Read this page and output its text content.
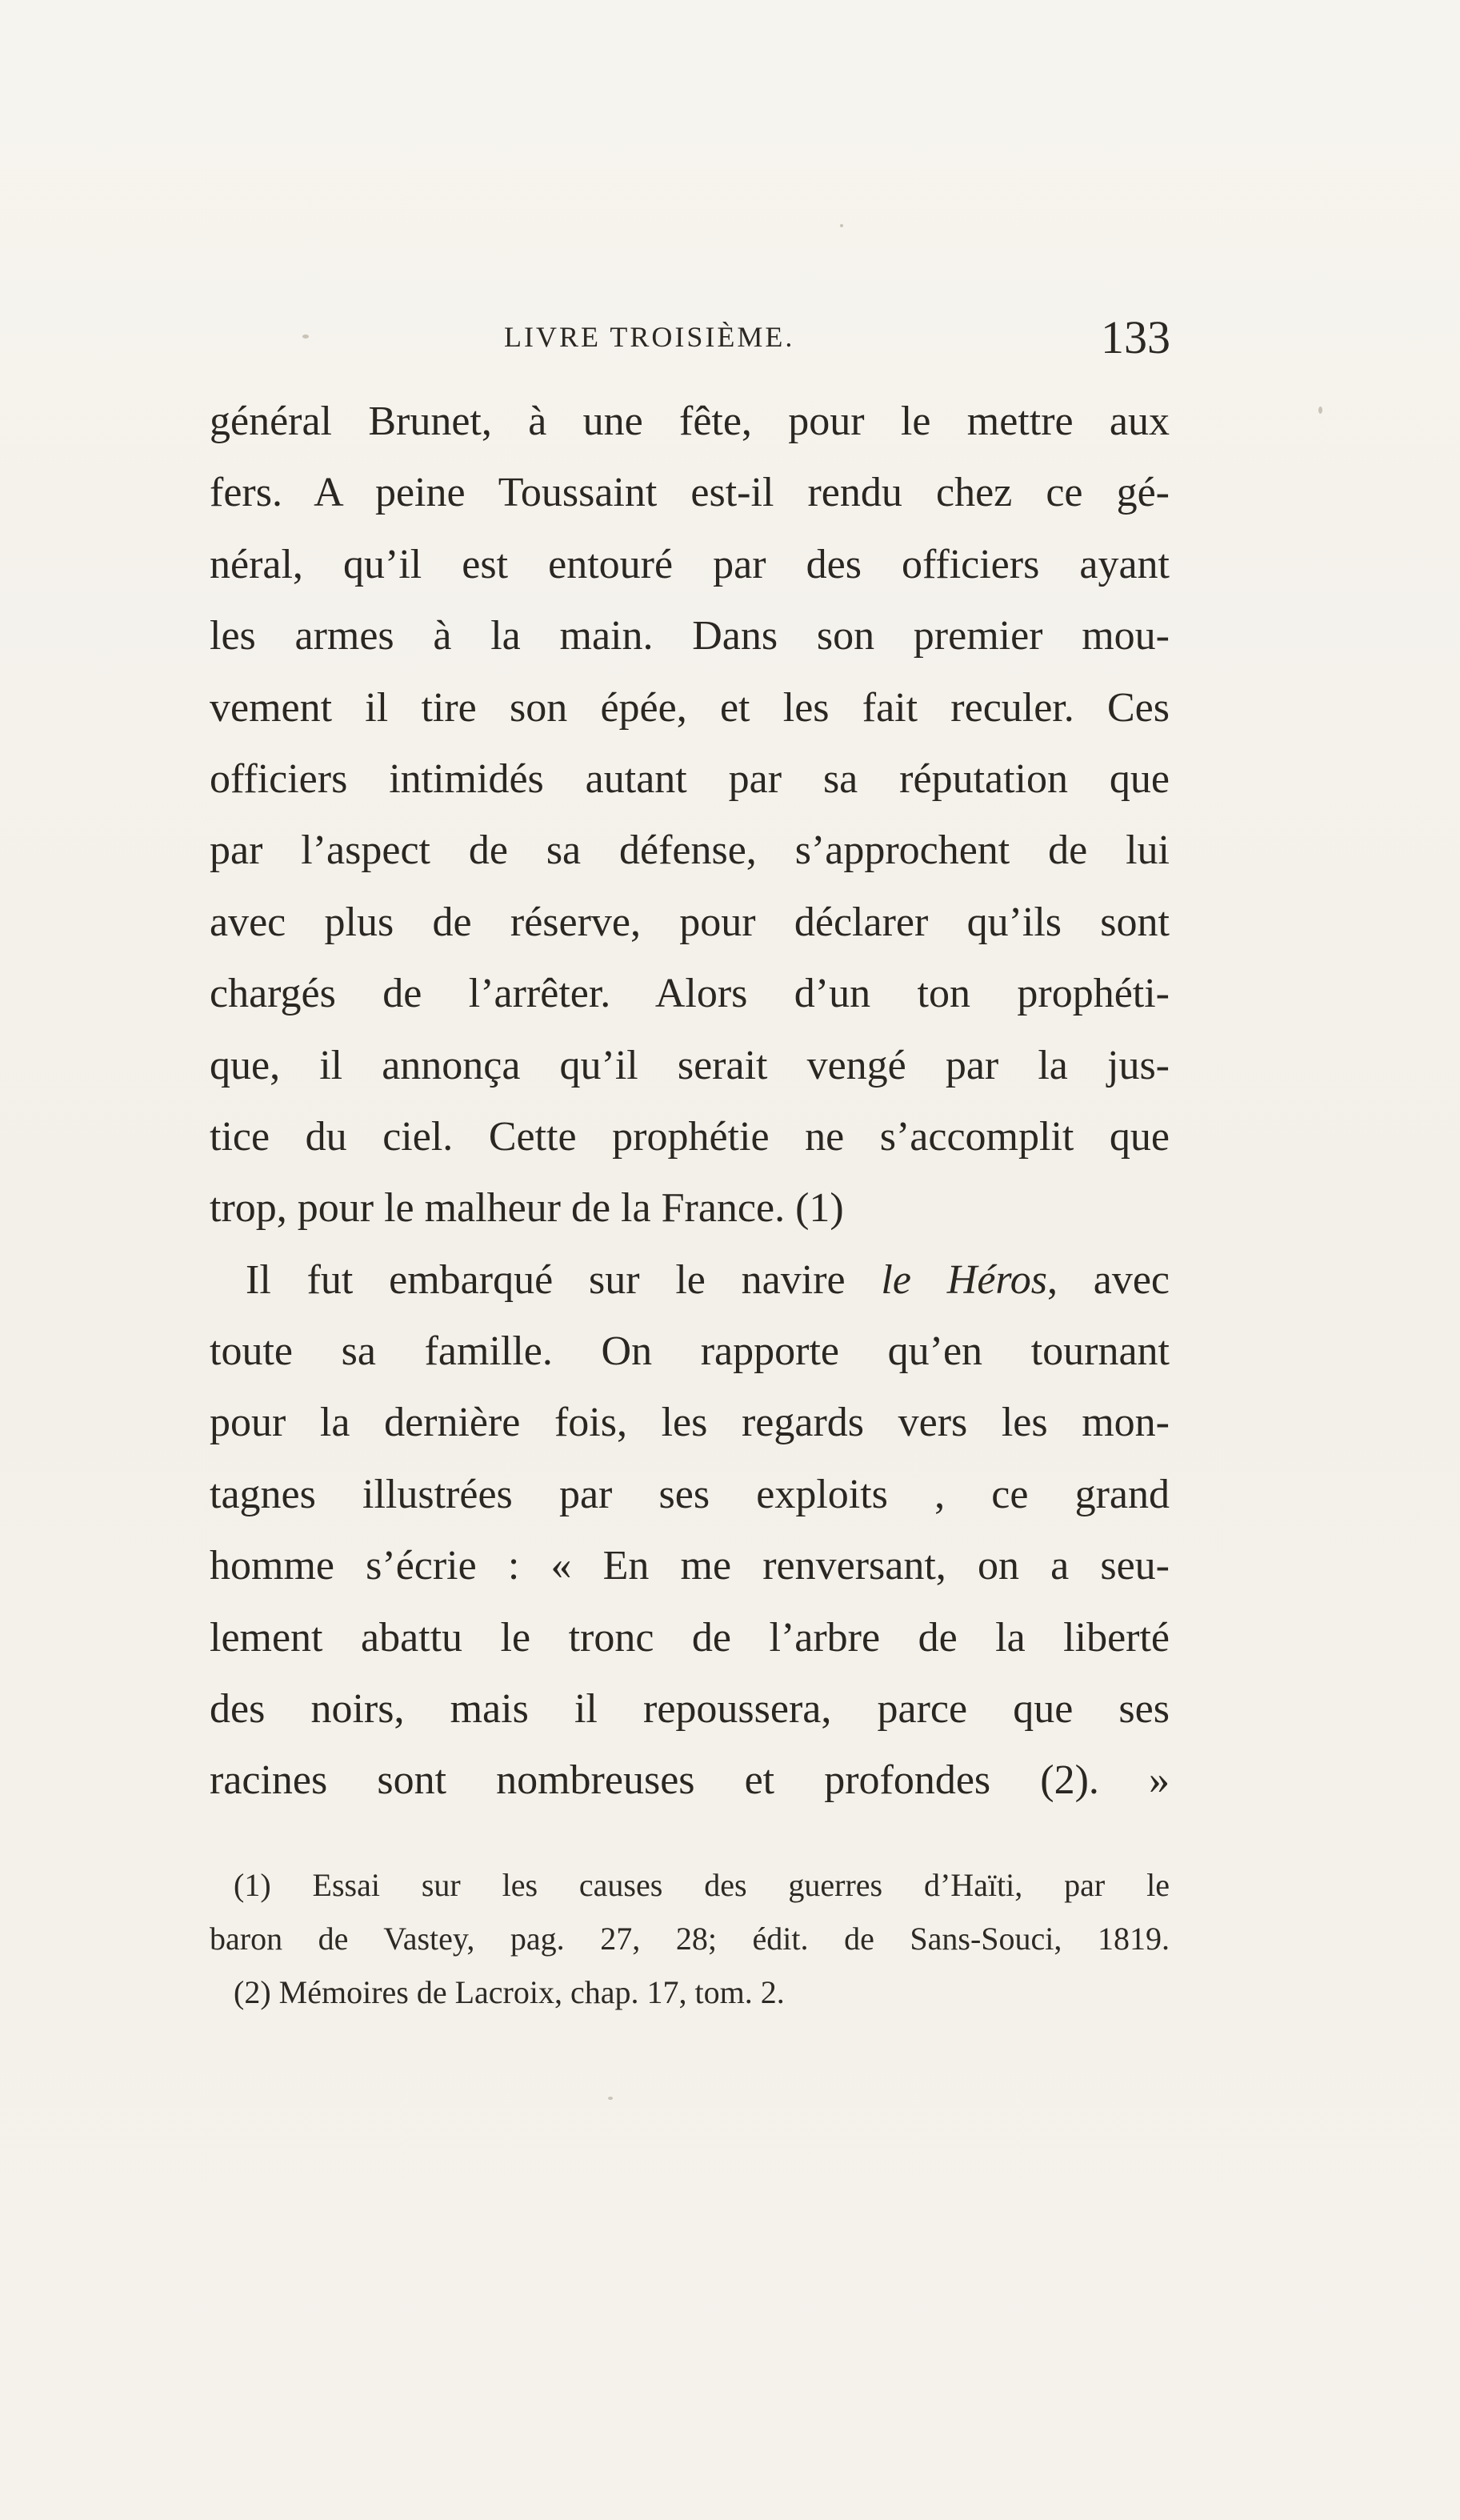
LIVRE TROISIÈME.	133
général Brunet, à une fête, pour le mettre aux
fers. A peine Toussaint est-il rendu chez ce gé-
néral, qu’il est entouré par des officiers ayant
les armes à la main. Dans son premier mou-
vement il tire son épée, et les fait reculer. Ces
officiers intimidés autant par sa réputation que
par l’aspect de sa défense, s’approchent de lui
avec plus de réserve, pour déclarer qu’ils sont
chargés de l’arrêter. Alors d’un ton prophéti-
que, il annonça qu’il serait vengé par la jus-
tice du ciel. Cette prophétie ne s’accomplit que
trop, pour le malheur de la France. (1)
Il fut embarqué sur le navire le Héros, avec
toute sa famille. On rapporte qu’en tournant
pour la dernière fois, les regards vers les mon-
tagnes illustrées par ses exploits , ce grand
homme s’écrie : « En me renversant, on a seu-
lement abattu le tronc de l’arbre de la liberté
des noirs, mais il repoussera, parce que ses
racines sont nombreuses et profondes (2). »
(1) Essai sur les causes des guerres d’Haïti, par le
baron de Vastey, pag. 27, 28; édit. de Sans-Souci, 1819.
(2) Mémoires de Lacroix, chap. 17, tom. 2.
